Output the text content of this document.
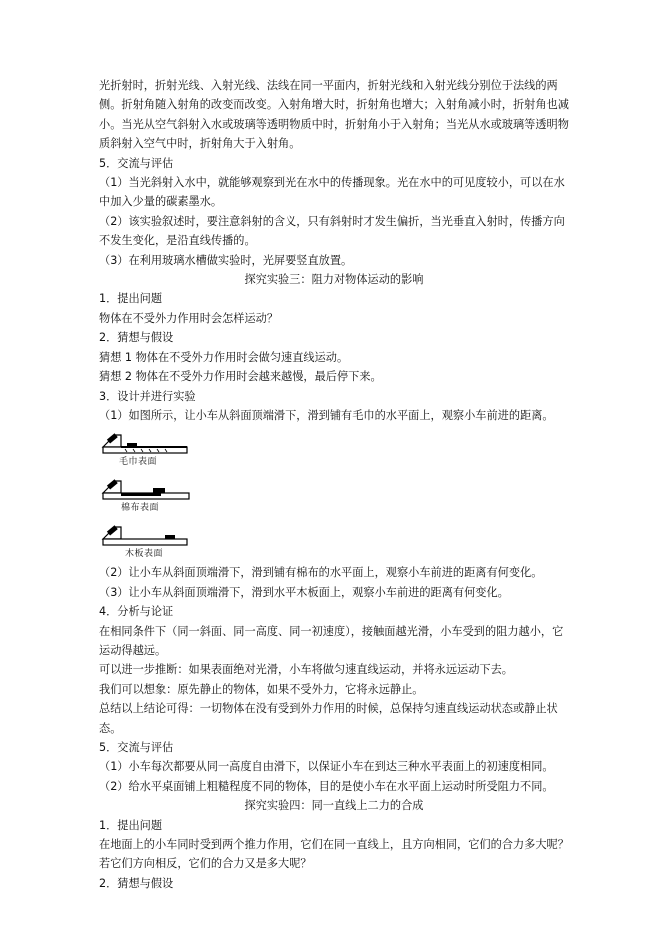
光折射时，折射光线、入射光线、法线在同一平面内，折射光线和入射光线分别位于法线的两侧。折射角随入射角的改变而改变。入射角增大时，折射角也增大；入射角减小时，折射角也减小。当光从空气斜射入水或玻璃等透明物质中时，折射角小于入射角；当光从水或玻璃等透明物质斜射入空气中时，折射角大于入射角。

5．交流与评估

（1）当光斜射入水中，就能够观察到光在水中的传播现象。光在水中的可见度较小，可以在水中加入少量的碳素墨水。

（2）该实验叙述时，要注意斜射的含义，只有斜射时才发生偏折，当光垂直入射时，传播方向不发生变化，是沿直线传播的。

（3）在利用玻璃水槽做实验时，光屏要竖直放置。

探究实验三：阻力对物体运动的影响

1．提出问题

物体在不受外力作用时会怎样运动？

2．猜想与假设

猜想 1 物体在不受外力作用时会做匀速直线运动。

猜想 2 物体在不受外力作用时会越来越慢，最后停下来。

3．设计并进行实验

（1）如图所示，让小车从斜面顶端滑下，滑到铺有毛巾的水平面上，观察小车前进的距离。

毛巾表面
棉布表面
木板表面

（2）让小车从斜面顶端滑下，滑到铺有棉布的水平面上，观察小车前进的距离有何变化。

（3）让小车从斜面顶端滑下，滑到水平木板面上，观察小车前进的距离有何变化。

4．分析与论证

在相同条件下（同一斜面、同一高度、同一初速度），接触面越光滑，小车受到的阻力越小，它运动得越远。

可以进一步推断：如果表面绝对光滑，小车将做匀速直线运动，并将永远运动下去。

我们可以想象：原先静止的物体，如果不受外力，它将永远静止。

总结以上结论可得：一切物体在没有受到外力作用的时候，总保持匀速直线运动状态或静止状态。

5．交流与评估

（1）小车每次都要从同一高度自由滑下，以保证小车在到达三种水平表面上的初速度相同。

（2）给水平桌面铺上粗糙程度不同的物体，目的是使小车在水平面上运动时所受阻力不同。

探究实验四：同一直线上二力的合成

1．提出问题

在地面上的小车同时受到两个推力作用，它们在同一直线上，且方向相同，它们的合力多大呢？若它们方向相反，它们的合力又是多大呢？

2．猜想与假设
